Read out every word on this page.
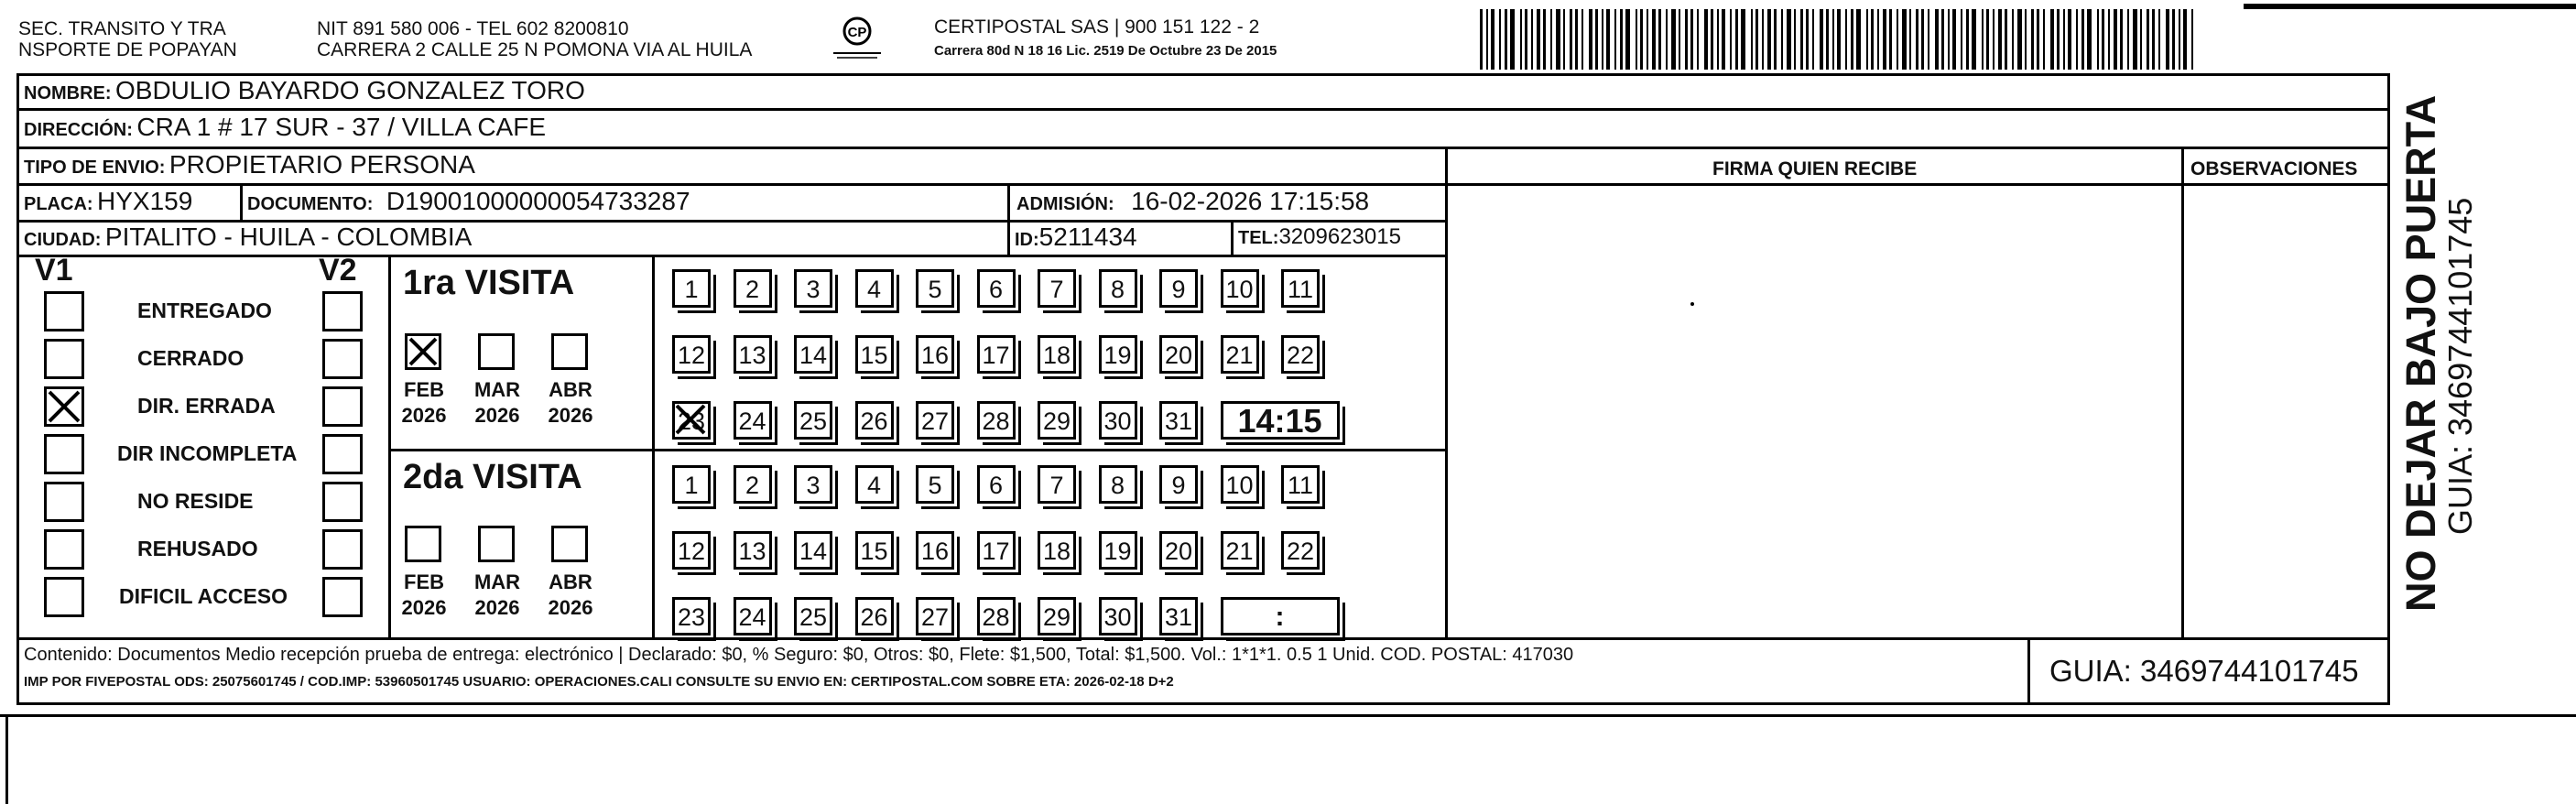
SEC. TRANSITO Y TRA
NSPORTE DE POPAYAN
NIT 891 580 006 - TEL 602 8200810
CARRERA 2 CALLE 25 N POMONA VIA AL HUILA
CP	CERTIPOSTAL SAS | 900 151 122 - 2
Carrera 80d N 18 16 Lic. 2519 De Octubre 23 De 2015
NOMBRE: OBDULIO BAYARDO GONZALEZ TORO
DIRECCIÓN: CRA 1 # 17 SUR - 37 / VILLA CAFE
TIPO DE ENVIO: PROPIETARIO PERSONA	FIRMA QUIEN RECIBE	OBSERVACIONES
PLACA: HYX159	DOCUMENTO: D19001000000054733287	ADMISIÓN: 16-02-2026 17:15:58
CIUDAD: PITALITO - HUILA - COLOMBIA	ID:5211434	TEL:3209623015
V1	V2
ENTREGADO
CERRADO
DIR. ERRADA
DIR INCOMPLETA
NO RESIDE
REHUSADO
DIFICIL ACCESO
1ra VISITA
2da VISITA
FEB
2026
MAR
2026
ABR
2026
FEB
2026
MAR
2026
ABR
2026
1	2	3	4	5	6	7	8	9	10 11
12 13 14 15 16 17 18 19 20 21 22
23 24 25 26 27 28 29 30 31	14:15
1	2	3	4	5	6	7	8	9	10 11
12 13 14 15 16 17 18 19 20 21 22
23 24 25 26 27 28 29 30 31	:
Contenido: Documentos Medio recepción prueba de entrega: electrónico | Declarado: $0, % Seguro: $0, Otros: $0, Flete: $1,500, Total: $1,500. Vol.: 1*1*1. 0.5 1 Unid. COD. POSTAL: 417030
IMP POR FIVEPOSTAL ODS: 25075601745 / COD.IMP: 53960501745 USUARIO: OPERACIONES.CALI CONSULTE SU ENVIO EN: CERTIPOSTAL.COM SOBRE ETA: 2026-02-18 D+2	GUIA: 3469744101745
NO DEJAR BAJO PUERTA
GUIA: 3469744101745
